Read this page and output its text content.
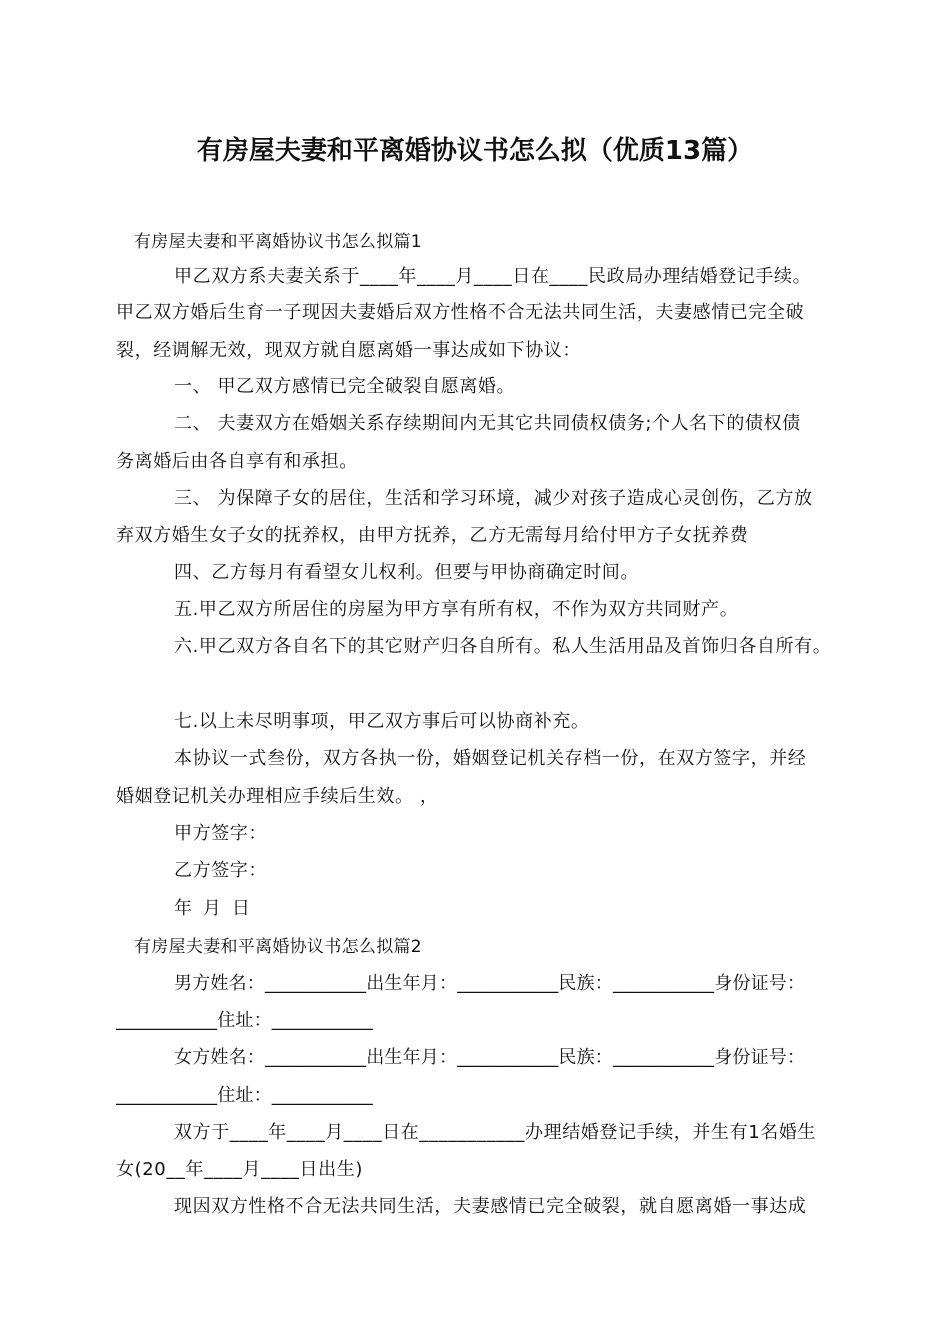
有房屋夫妻和平离婚协议书怎么拟（优质13篇）
有房屋夫妻和平离婚协议书怎么拟篇1
甲乙双方系夫妻关系于____年____月____日在____民政局办理结婚登记手续。
甲乙双方婚后生育一子现因夫妻婚后双方性格不合无法共同生活，夫妻感情已完全破
裂，经调解无效，现双方就自愿离婚一事达成如下协议：
一、 甲乙双方感情已完全破裂自愿离婚。
二、 夫妻双方在婚姻关系存续期间内无其它共同债权债务;个人名下的债权债
务离婚后由各自享有和承担。
三、 为保障子女的居住，生活和学习环境，减少对孩子造成心灵创伤，乙方放
弃双方婚生女子女的抚养权，由甲方抚养，乙方无需每月给付甲方子女抚养费
四、乙方每月有看望女儿权利。但要与甲协商确定时间。
五.甲乙双方所居住的房屋为甲方享有所有权，不作为双方共同财产。
六.甲乙双方各自名下的其它财产归各自所有。私人生活用品及首饰归各自所有。
七.以上未尽明事项，甲乙双方事后可以协商补充。
本协议一式叁份，双方各执一份，婚姻登记机关存档一份，在双方签字，并经
婚姻登记机关办理相应手续后生效。 ，
甲方签字：
乙方签字：
年 月 日
有房屋夫妻和平离婚协议书怎么拟篇2
男方姓名：___________出生年月：___________民族：___________身份证号：
___________住址：___________
女方姓名：___________出生年月：___________民族：___________身份证号：
___________住址：___________
双方于____年____月____日在___________办理结婚登记手续，并生有1名婚生
女(20__年____月____日出生)
现因双方性格不合无法共同生活，夫妻感情已完全破裂，就自愿离婚一事达成
